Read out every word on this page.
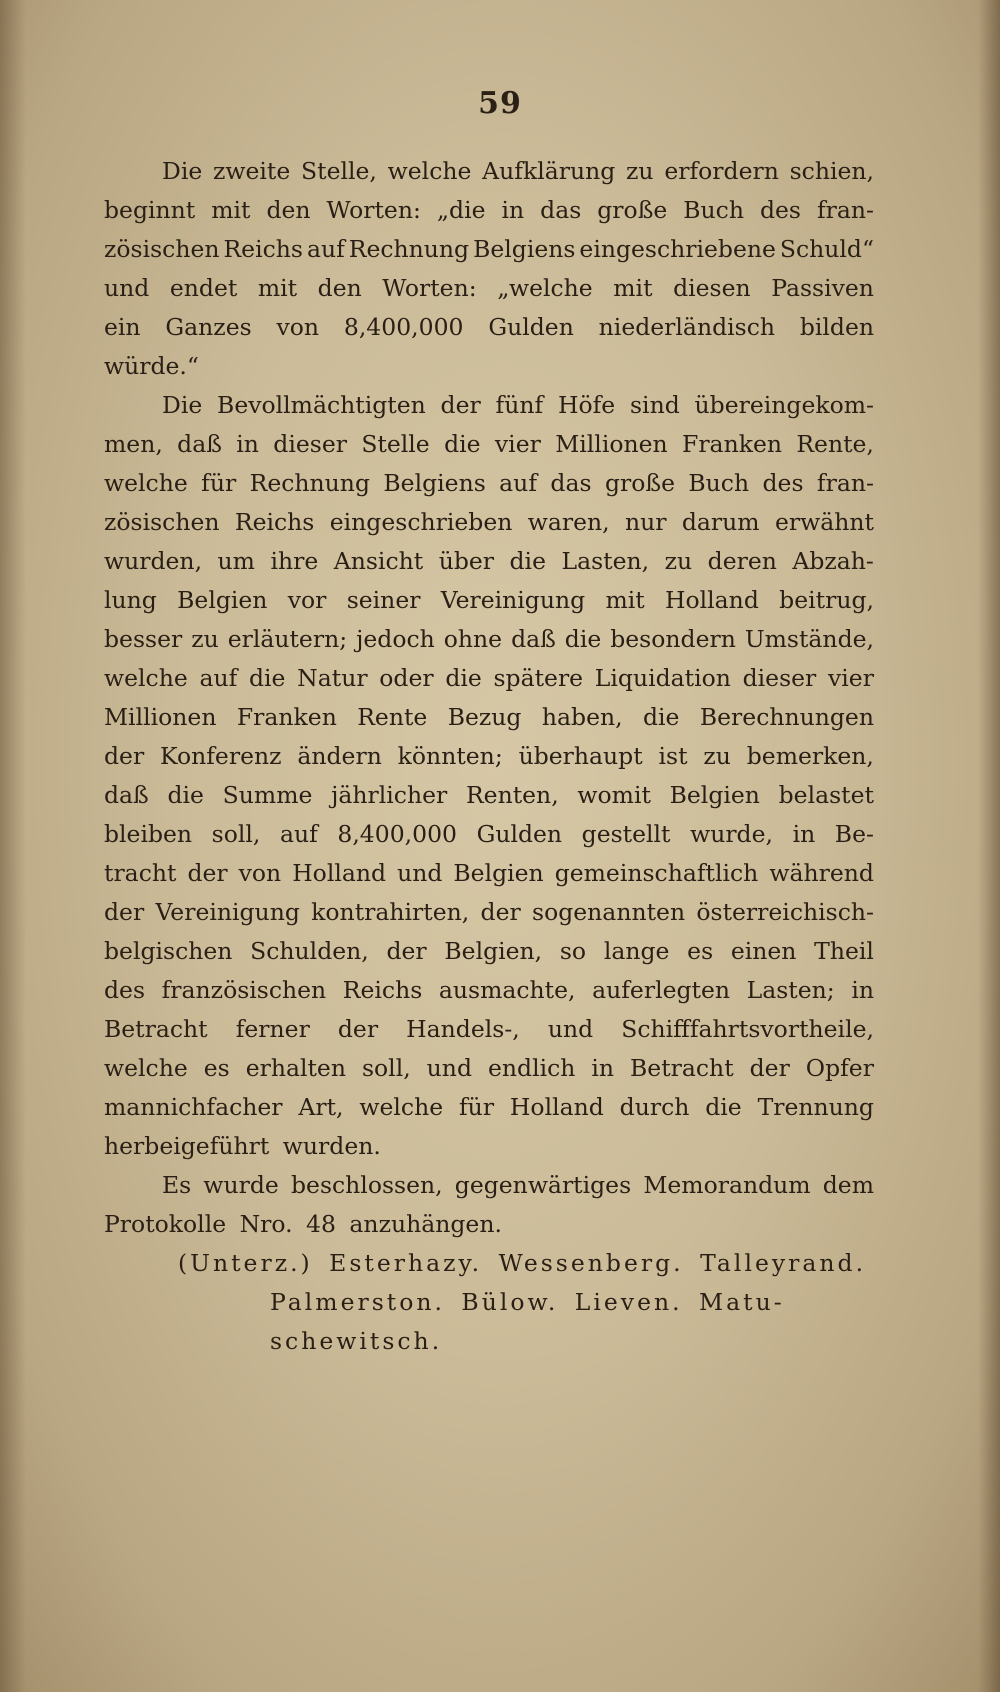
59
Die zweite Stelle, welche Aufklärung zu erfordern schien,
beginnt mit den Worten: „die in das große Buch des fran-
zösischen Reichs auf Rechnung Belgiens eingeschriebene Schuld“
und endet mit den Worten: „welche mit diesen Passiven
ein Ganzes von 8,400,000 Gulden niederländisch bilden
würde.“
Die Bevollmächtigten der fünf Höfe sind übereingekom-
men, daß in dieser Stelle die vier Millionen Franken Rente,
welche für Rechnung Belgiens auf das große Buch des fran-
zösischen Reichs eingeschrieben waren, nur darum erwähnt
wurden, um ihre Ansicht über die Lasten, zu deren Abzah-
lung Belgien vor seiner Vereinigung mit Holland beitrug,
besser zu erläutern; jedoch ohne daß die besondern Umstände,
welche auf die Natur oder die spätere Liquidation dieser vier
Millionen Franken Rente Bezug haben, die Berechnungen
der Konferenz ändern könnten; überhaupt ist zu bemerken,
daß die Summe jährlicher Renten, womit Belgien belastet
bleiben soll, auf 8,400,000 Gulden gestellt wurde, in Be-
tracht der von Holland und Belgien gemeinschaftlich während
der Vereinigung kontrahirten, der sogenannten österreichisch-
belgischen Schulden, der Belgien, so lange es einen Theil
des französischen Reichs ausmachte, auferlegten Lasten; in
Betracht ferner der Handels-, und Schifffahrtsvortheile,
welche es erhalten soll, und endlich in Betracht der Opfer
mannichfacher Art, welche für Holland durch die Trennung
herbeigeführt wurden.
Es wurde beschlossen, gegenwärtiges Memorandum dem
Protokolle Nro. 48 anzuhängen.
(Unterz.) Esterhazy. Wessenberg. Talleyrand.
Palmerston. Bülow. Lieven. Matu-
schewitsch.
